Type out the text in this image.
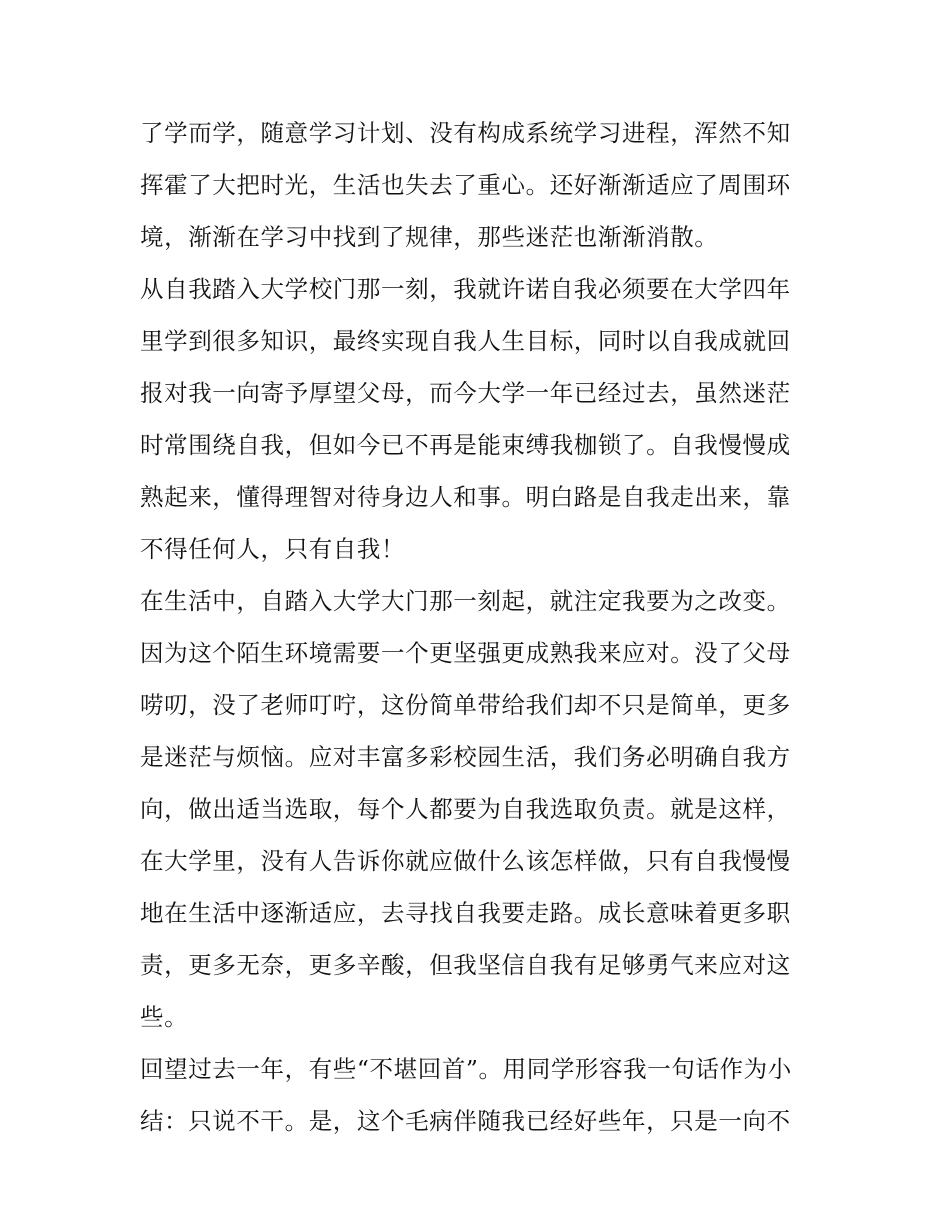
了学而学，随意学习计划、没有构成系统学习进程，浑然不知
挥霍了大把时光，生活也失去了重心。还好渐渐适应了周围环
境，渐渐在学习中找到了规律，那些迷茫也渐渐消散。
从自我踏入大学校门那一刻，我就许诺自我必须要在大学四年
里学到很多知识，最终实现自我人生目标，同时以自我成就回
报对我一向寄予厚望父母，而今大学一年已经过去，虽然迷茫
时常围绕自我，但如今已不再是能束缚我枷锁了。自我慢慢成
熟起来，懂得理智对待身边人和事。明白路是自我走出来，靠
不得任何人，只有自我！
在生活中，自踏入大学大门那一刻起，就注定我要为之改变。
因为这个陌生环境需要一个更坚强更成熟我来应对。没了父母
唠叨，没了老师叮咛，这份简单带给我们却不只是简单，更多
是迷茫与烦恼。应对丰富多彩校园生活，我们务必明确自我方
向，做出适当选取，每个人都要为自我选取负责。就是这样，
在大学里，没有人告诉你就应做什么该怎样做，只有自我慢慢
地在生活中逐渐适应，去寻找自我要走路。成长意味着更多职
责，更多无奈，更多辛酸，但我坚信自我有足够勇气来应对这
些。
回望过去一年，有些“不堪回首”。用同学形容我一句话作为小
结：只说不干。是，这个毛病伴随我已经好些年，只是一向不
